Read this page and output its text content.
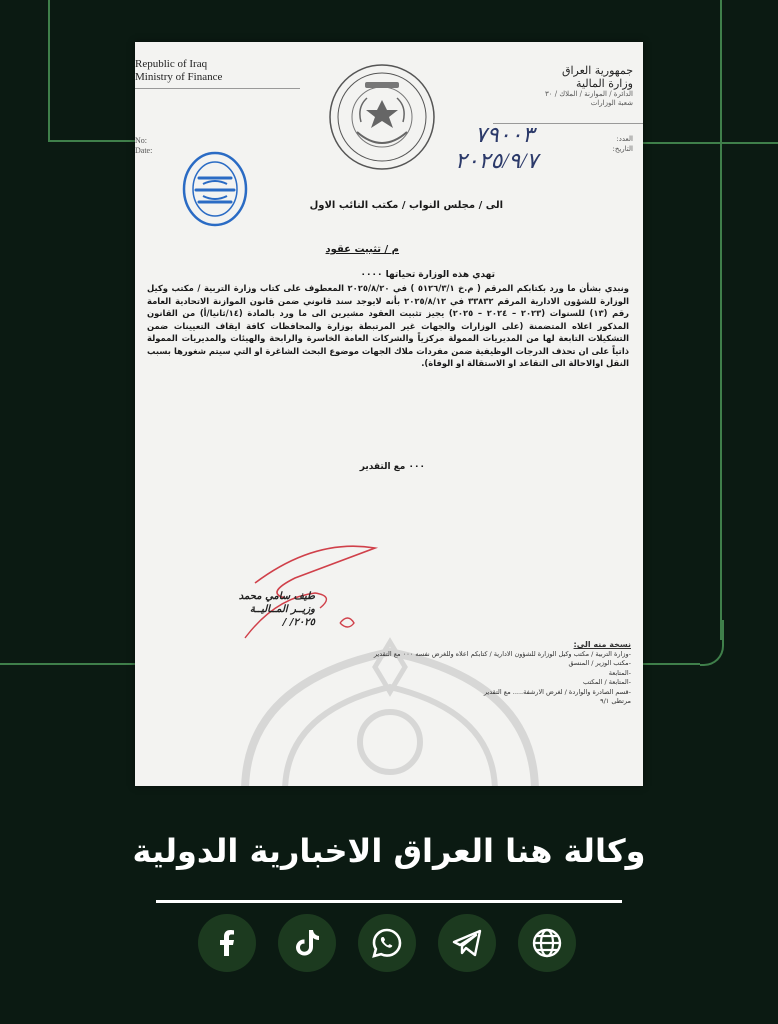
Republic of Iraq
Ministry of Finance
No:
Date:
جمهورية العراق
وزارة المالية
الدائرة / الموازنة / الملاك / ٣٠
شعبة الوزارات
العدد:
التاريخ:
٧٩٠٠٣
٢٠٢٥/٩/٧
الى / مجلس النواب / مكتب النائب الاول
م / تثبيت عقود
تهدي هذه الوزارة تحياتها ٠٠٠٠
ونبدي بشأن ما ورد بكتابكم المرقم ( م.خ ٥١٢٦/٣/١ ) في ٢٠٢٥/٨/٢٠ المعطوف على كتاب وزارة التربية / مكتب وكيل الوزارة للشؤون الادارية المرقم ٣٣٨٣٢ في ٢٠٢٥/٨/١٢ بأنه لايوجد سند قانوني ضمن قانون الموازنة الاتحادية العامة رقم (١٣) للسنوات (٢٠٢٣ – ٢٠٢٤ – ٢٠٢٥) يجيز تثبيت العقود مشيرين الى ما ورد بالمادة (١٤/ثانيا/أ) من القانون المذكور اعلاه المتضمنة (على الوزارات والجهات غير المرتبطة بوزارة والمحافظات كافة ايقاف التعيينات ضمن التشكيلات التابعة لها من المديريات الممولة مركزياً والشركات العامة الخاسرة والرابحة والهيئات والمديريات الممولة ذاتياً على ان تحذف الدرجات الوظيفية ضمن مفردات ملاك الجهات موضوع البحث الشاغرة او التي سيتم شغورها بسبب النقل اوالاحالة الى التقاعد او الاستقالة او الوفاة).
٠٠٠ مع التقدير
طيف سامي محمد
وزيــر المــاليــة
٢٠٢٥/ /
نسخة منه الى:
-وزارة التربية / مكتب وكيل الوزارة للشؤون الادارية / كتابكم اعلاه وللغرض نفسه ٠٠٠ مع التقدير
-مكتب الوزير / المنسق
-المتابعة
-المتابعة / المكتب
-قسم الصادرة والواردة / لغرض الارشفة..... مع التقدير
مرتظى ٩/١
وكالة هنا العراق الاخبارية الدولية
